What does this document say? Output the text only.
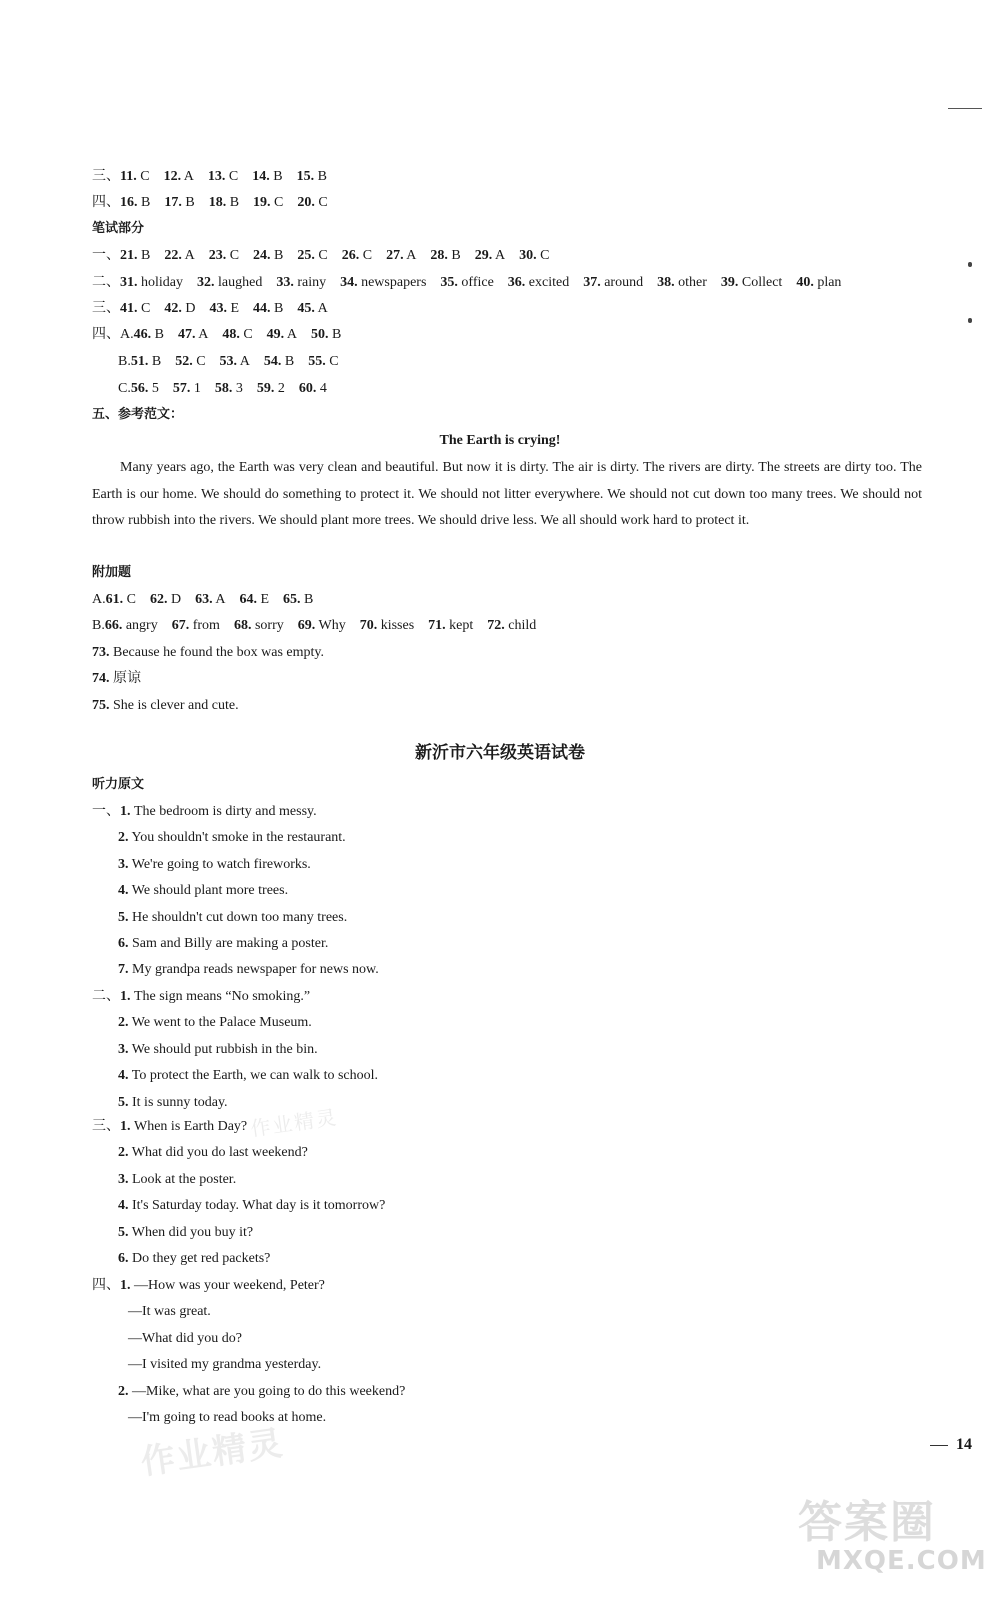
三、11. C 12. A 13. C 14. B 15. B
四、16. B 17. B 18. B 19. C 20. C
笔试部分
一、21. B 22. A 23. C 24. B 25. C 26. C 27. A 28. B 29. A 30. C
二、31. holiday 32. laughed 33. rainy 34. newspapers 35. office 36. excited 37. around 38. other 39. Collect 40. plan
三、41. C 42. D 43. E 44. B 45. A
四、A.46. B 47. A 48. C 49. A 50. B
B.51. B 52. C 53. A 54. B 55. C
C.56. 5 57. 1 58. 3 59. 2 60. 4
五、参考范文：
The Earth is crying!
Many years ago, the Earth was very clean and beautiful. But now it is dirty. The air is dirty. The rivers are dirty. The streets are dirty too. The Earth is our home. We should do something to protect it. We should not litter everywhere. We should not cut down too many trees. We should not throw rubbish into the rivers. We should plant more trees. We should drive less. We all should work hard to protect it.
附加题
A.61. C 62. D 63. A 64. E 65. B
B.66. angry 67. from 68. sorry 69. Why 70. kisses 71. kept 72. child
73. Because he found the box was empty.
74. 原谅
75. She is clever and cute.
新沂市六年级英语试卷
听力原文
一、1. The bedroom is dirty and messy.
2. You shouldn't smoke in the restaurant.
3. We're going to watch fireworks.
4. We should plant more trees.
5. He shouldn't cut down too many trees.
6. Sam and Billy are making a poster.
7. My grandpa reads newspaper for news now.
二、1. The sign means “No smoking.”
2. We went to the Palace Museum.
3. We should put rubbish in the bin.
4. To protect the Earth, we can walk to school.
5. It is sunny today.
三、1. When is Earth Day?
2. What did you do last weekend?
3. Look at the poster.
4. It's Saturday today. What day is it tomorrow?
5. When did you buy it?
6. Do they get red packets?
四、1. —How was your weekend, Peter?
—It was great.
—What did you do?
—I visited my grandma yesterday.
2. —Mike, what are you going to do this weekend?
—I'm going to read books at home.
14
作业精灵
作业精灵
答案圈
MXQE.COM
